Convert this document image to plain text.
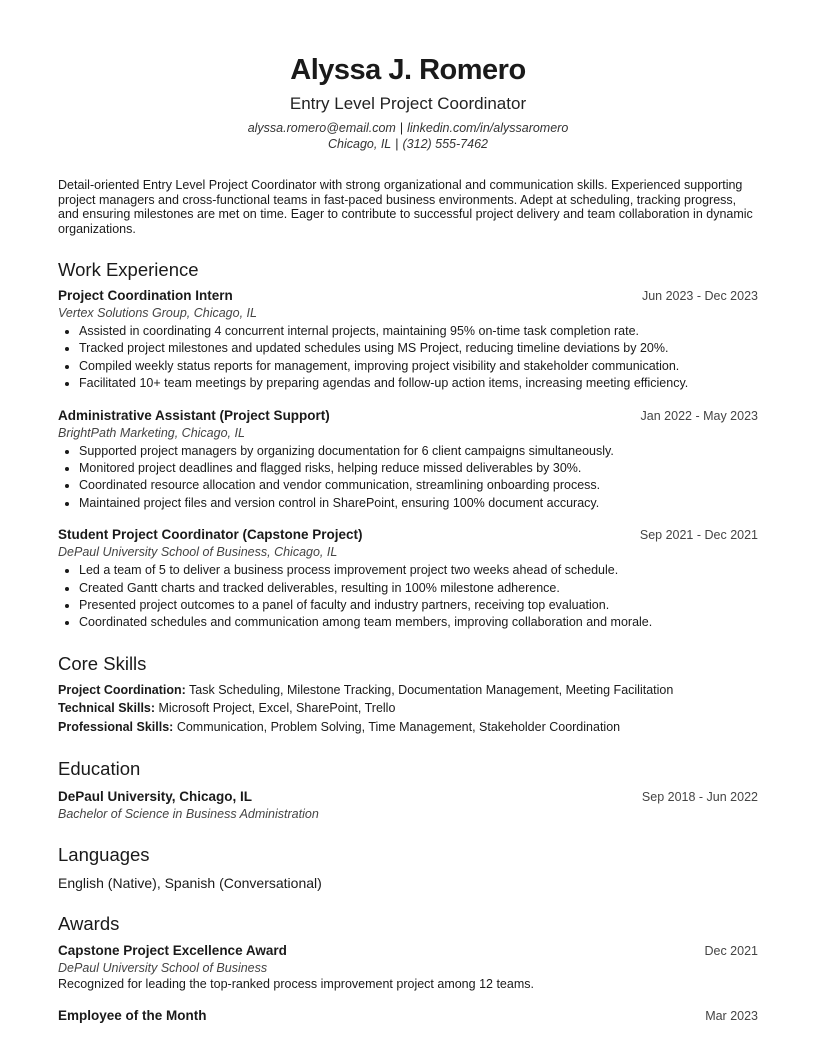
Alyssa J. Romero
Entry Level Project Coordinator
alyssa.romero@email.com | linkedin.com/in/alyssaromero
Chicago, IL | (312) 555-7462
Detail-oriented Entry Level Project Coordinator with strong organizational and communication skills. Experienced supporting project managers and cross-functional teams in fast-paced business environments. Adept at scheduling, tracking progress, and ensuring milestones are met on time. Eager to contribute to successful project delivery and team collaboration in dynamic organizations.
Work Experience
Project Coordination Intern	Jun 2023 - Dec 2023
Vertex Solutions Group, Chicago, IL
• Assisted in coordinating 4 concurrent internal projects, maintaining 95% on-time task completion rate.
• Tracked project milestones and updated schedules using MS Project, reducing timeline deviations by 20%.
• Compiled weekly status reports for management, improving project visibility and stakeholder communication.
• Facilitated 10+ team meetings by preparing agendas and follow-up action items, increasing meeting efficiency.
Administrative Assistant (Project Support)	Jan 2022 - May 2023
BrightPath Marketing, Chicago, IL
• Supported project managers by organizing documentation for 6 client campaigns simultaneously.
• Monitored project deadlines and flagged risks, helping reduce missed deliverables by 30%.
• Coordinated resource allocation and vendor communication, streamlining onboarding process.
• Maintained project files and version control in SharePoint, ensuring 100% document accuracy.
Student Project Coordinator (Capstone Project)	Sep 2021 - Dec 2021
DePaul University School of Business, Chicago, IL
• Led a team of 5 to deliver a business process improvement project two weeks ahead of schedule.
• Created Gantt charts and tracked deliverables, resulting in 100% milestone adherence.
• Presented project outcomes to a panel of faculty and industry partners, receiving top evaluation.
• Coordinated schedules and communication among team members, improving collaboration and morale.
Core Skills
Project Coordination: Task Scheduling, Milestone Tracking, Documentation Management, Meeting Facilitation
Technical Skills: Microsoft Project, Excel, SharePoint, Trello
Professional Skills: Communication, Problem Solving, Time Management, Stakeholder Coordination
Education
DePaul University, Chicago, IL	Sep 2018 - Jun 2022
Bachelor of Science in Business Administration
Languages
English (Native), Spanish (Conversational)
Awards
Capstone Project Excellence Award	Dec 2021
DePaul University School of Business
Recognized for leading the top-ranked process improvement project among 12 teams.
Employee of the Month	Mar 2023
